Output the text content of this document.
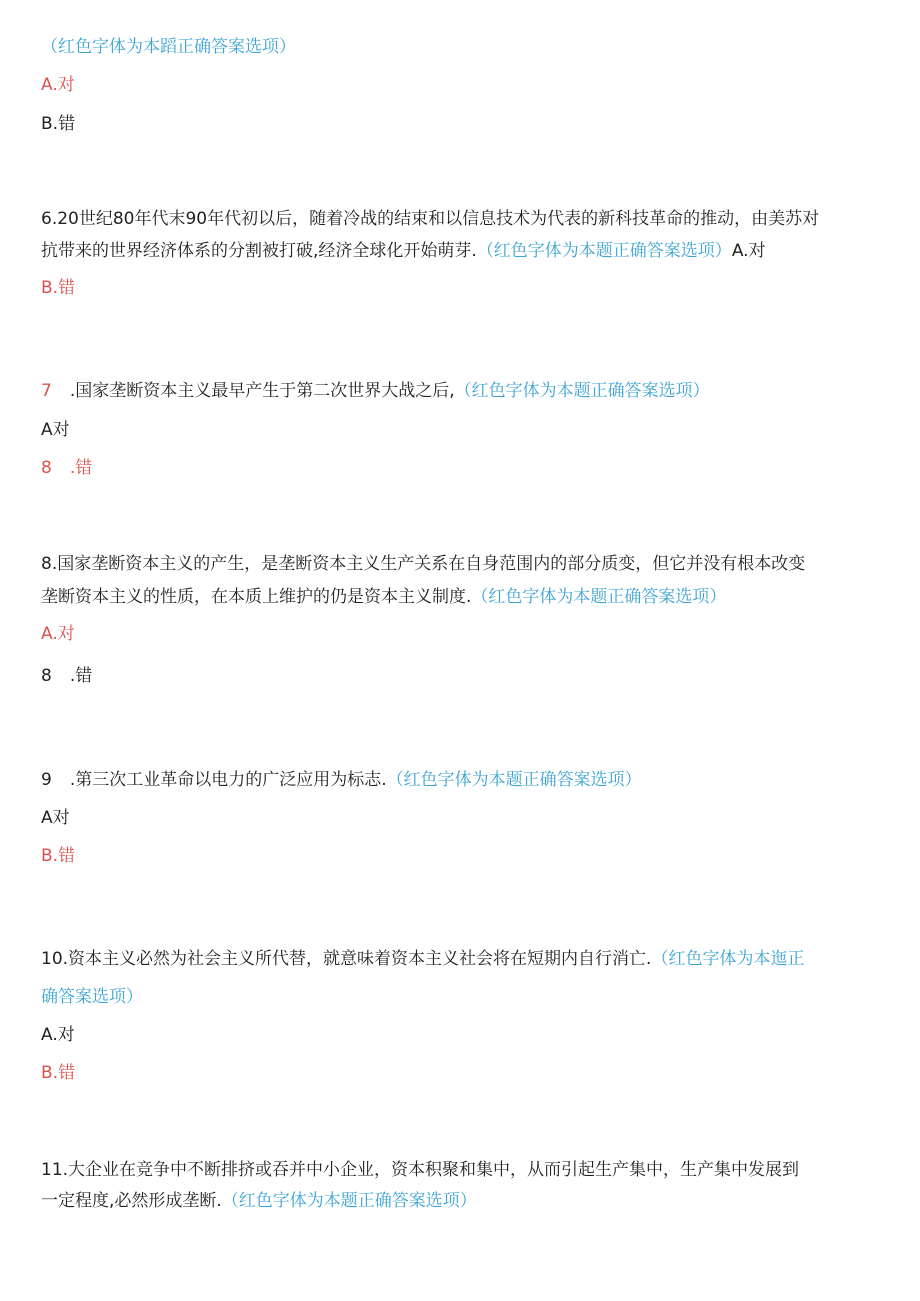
（红色字体为本蹈正确答案选项）
A.对
B.错
6.20世纪80年代末90年代初以后，随着冷战的结束和以信息技术为代表的新科技革命的推动，由美苏对
抗带来的世界经济体系的分割被打破,经济全球化开始萌芽.（红色字体为本题正确答案选项）A.对
B.错
7 .国家垄断资本主义最早产生于第二次世界大战之后,（红色字体为本题正确答案选项）
A对
8 .错
8.国家垄断资本主义的产生，是垄断资本主义生产关系在自身范围内的部分质变，但它并没有根本改变
垄断资本主义的性质，在本质上维护的仍是资本主义制度.（红色字体为本题正确答案选项）
A.对
8 .错
9 .第三次工业革命以电力的广泛应用为标志.（红色字体为本题正确答案选项）
A对
B.错
10.资本主义必然为社会主义所代替，就意味着资本主义社会将在短期内自行消亡.（红色字体为本迤正
确答案选项）
A.对
B.错
11.大企业在竞争中不断排挤或吞并中小企业，资本积聚和集中，从而引起生产集中，生产集中发展到
一定程度,必然形成垄断.（红色字体为本题正确答案选项）
